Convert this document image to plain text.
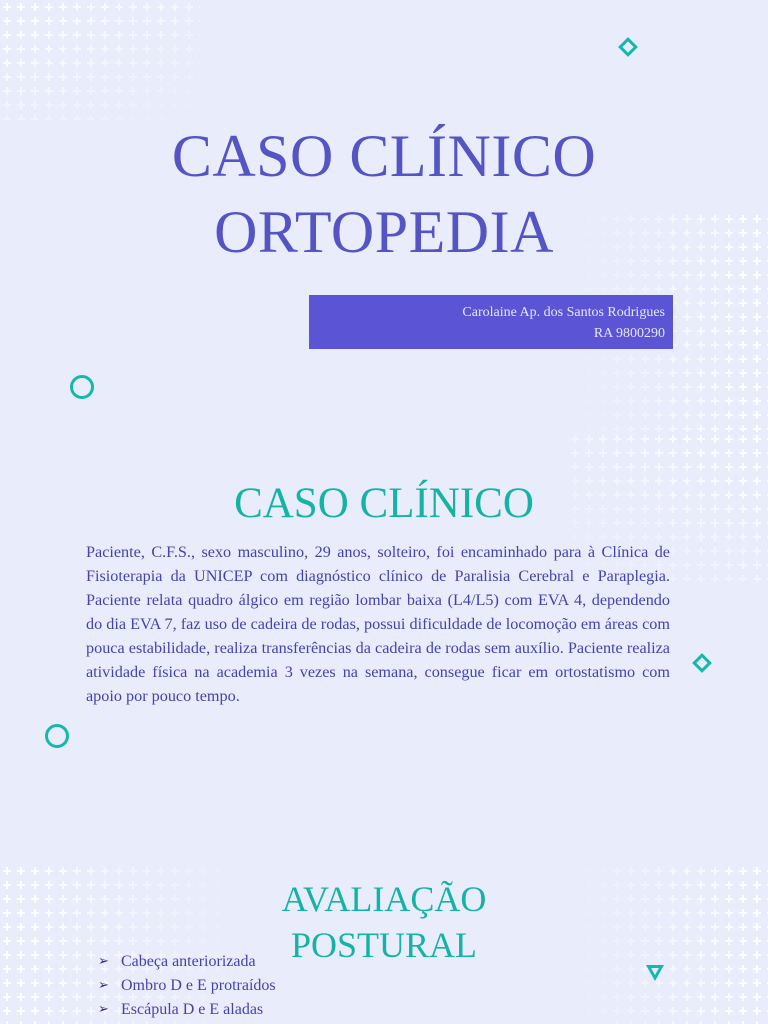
CASO CLÍNICO
ORTOPEDIA
Carolaine Ap. dos Santos Rodrigues
RA 9800290
CASO CLÍNICO
Paciente, C.F.S., sexo masculino, 29 anos, solteiro, foi encaminhado para à Clínica de Fisioterapia da UNICEP com diagnóstico clínico de Paralisia Cerebral e Paraplegia. Paciente relata quadro álgico em região lombar baixa (L4/L5) com EVA 4, dependendo do dia EVA 7, faz uso de cadeira de rodas, possui dificuldade de locomoção em áreas com pouca estabilidade, realiza transferências da cadeira de rodas sem auxílio. Paciente realiza atividade física na academia 3 vezes na semana, consegue ficar em ortostatismo com apoio por pouco tempo.
AVALIAÇÃO
POSTURAL
➢ Cabeça anteriorizada
➢ Ombro D e E protraídos
➢ Escápula D e E aladas
